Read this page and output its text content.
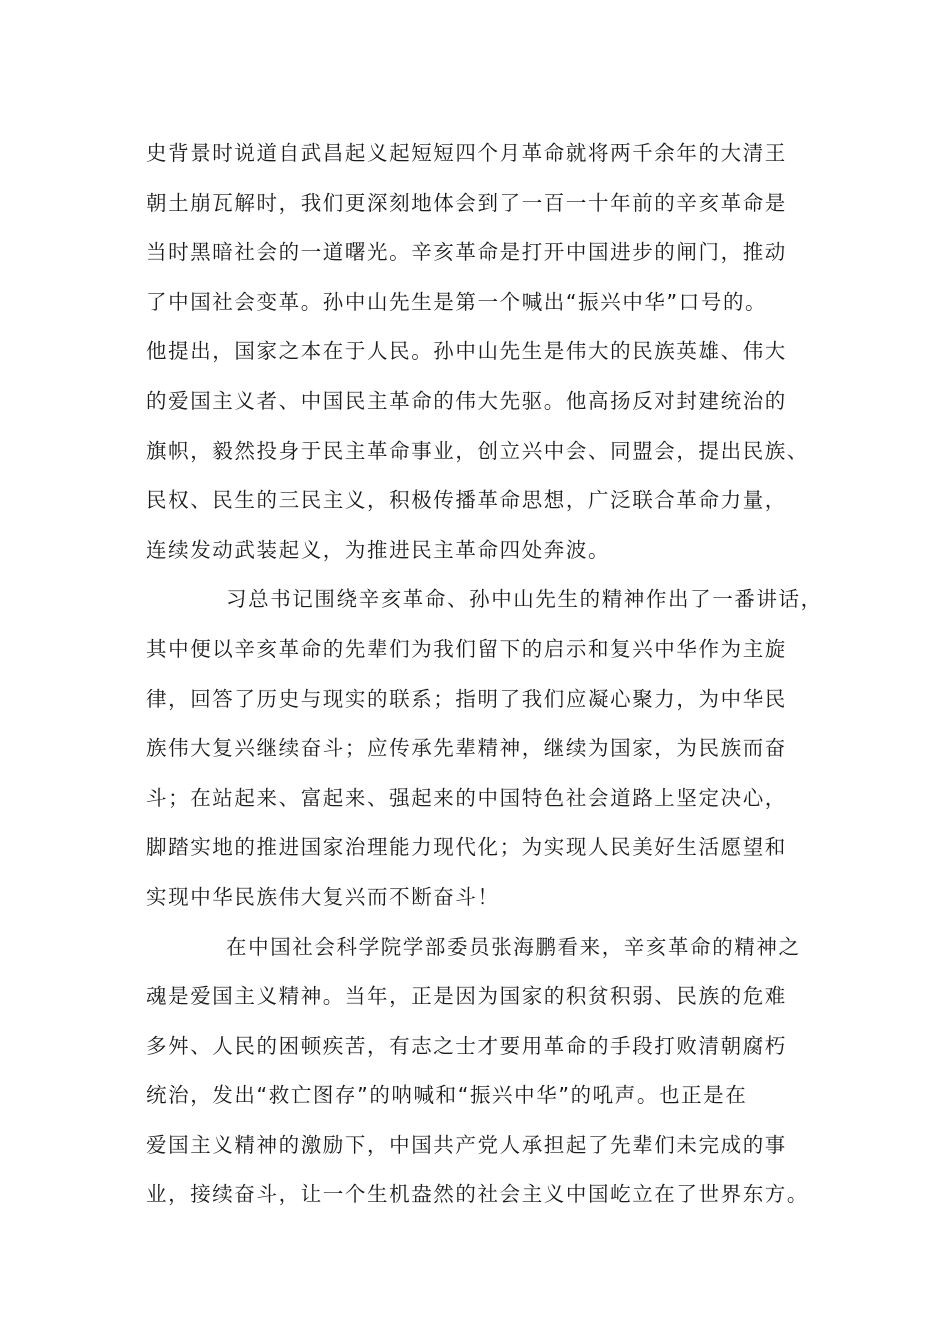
史背景时说道自武昌起义起短短四个月革命就将两千余年的大清王
朝土崩瓦解时，我们更深刻地体会到了一百一十年前的辛亥革命是
当时黑暗社会的一道曙光。辛亥革命是打开中国进步的闸门，推动
了中国社会变革。孙中山先生是第一个喊出“振兴中华”口号的。
他提出，国家之本在于人民。孙中山先生是伟大的民族英雄、伟大
的爱国主义者、中国民主革命的伟大先驱。他高扬反对封建统治的
旗帜，毅然投身于民主革命事业，创立兴中会、同盟会，提出民族、
民权、民生的三民主义，积极传播革命思想，广泛联合革命力量，
连续发动武装起义，为推进民主革命四处奔波。
习总书记围绕辛亥革命、孙中山先生的精神作出了一番讲话，
其中便以辛亥革命的先辈们为我们留下的启示和复兴中华作为主旋
律，回答了历史与现实的联系；指明了我们应凝心聚力，为中华民
族伟大复兴继续奋斗；应传承先辈精神，继续为国家，为民族而奋
斗；在站起来、富起来、强起来的中国特色社会道路上坚定决心，
脚踏实地的推进国家治理能力现代化；为实现人民美好生活愿望和
实现中华民族伟大复兴而不断奋斗！
在中国社会科学院学部委员张海鹏看来，辛亥革命的精神之
魂是爱国主义精神。当年，正是因为国家的积贫积弱、民族的危难
多舛、人民的困顿疾苦，有志之士才要用革命的手段打败清朝腐朽
统治，发出“救亡图存”的呐喊和“振兴中华”的吼声。也正是在
爱国主义精神的激励下，中国共产党人承担起了先辈们未完成的事
业，接续奋斗，让一个生机盎然的社会主义中国屹立在了世界东方。
